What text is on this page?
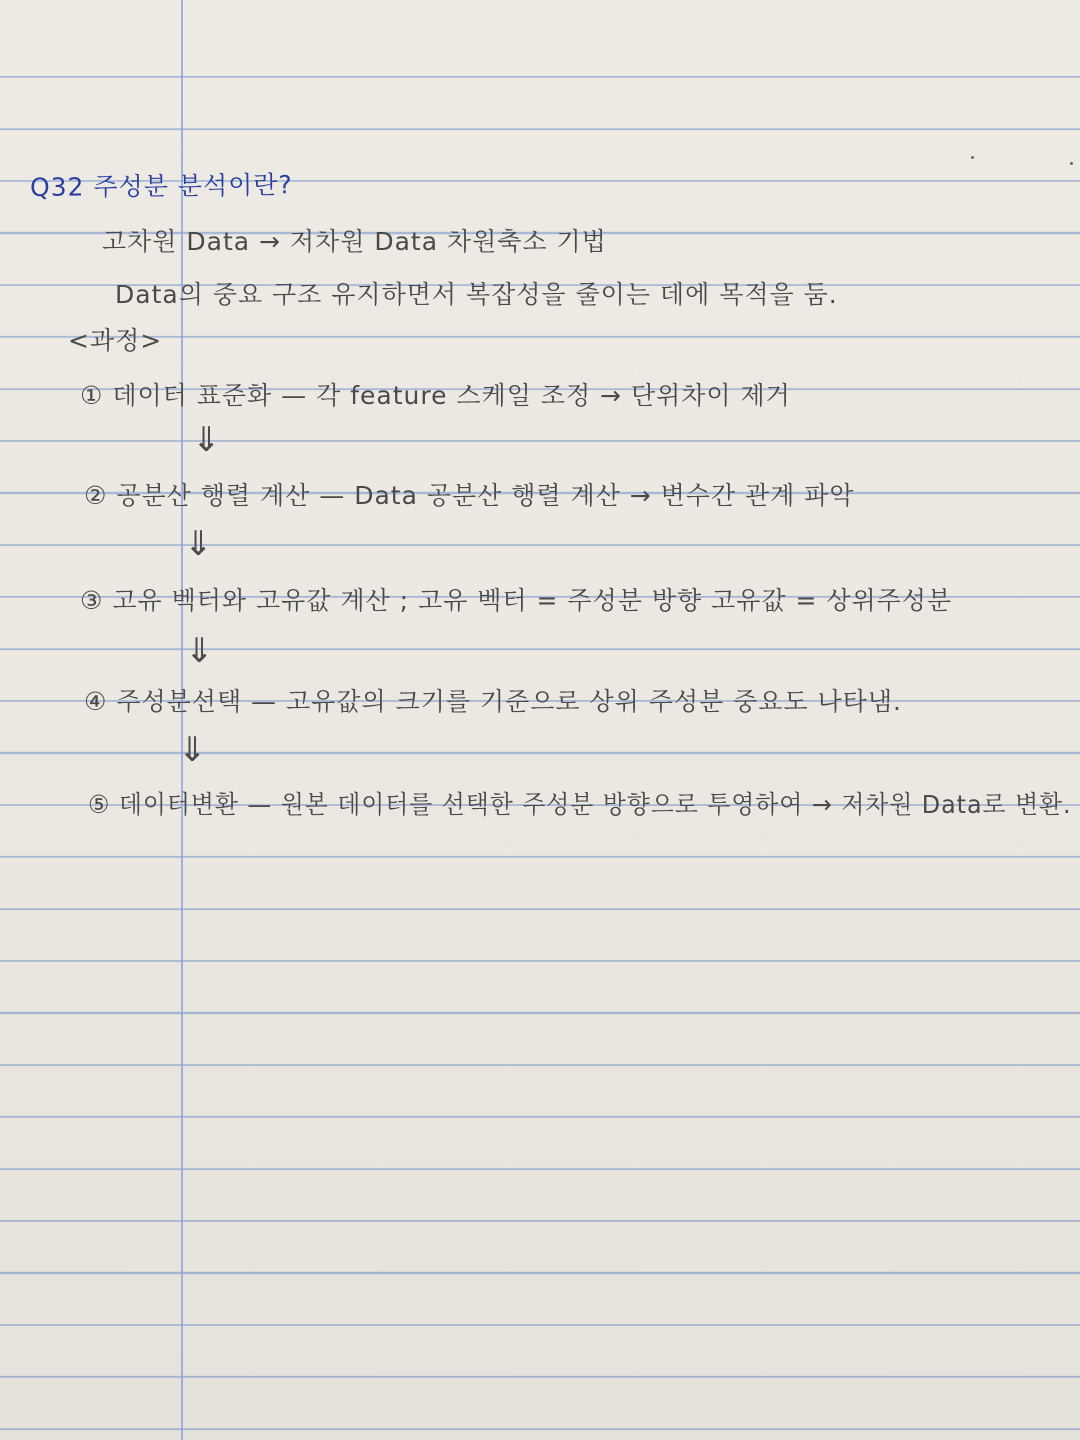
Q32 주성분 분석이란?
고차원 Data → 저차원 Data 차원축소 기법
Data의 중요 구조 유지하면서 복잡성을 줄이는 데에 목적을 둠.
<과정>
① 데이터 표준화 — 각 feature 스케일 조정 → 단위차이 제거
⇓
② 공분산 행렬 계산 — Data 공분산 행렬 계산 → 변수간 관계 파악
⇓
③ 고유 벡터와 고유값 계산 ; 고유 벡터 = 주성분 방향 고유값 = 상위주성분
⇓
④ 주성분선택 — 고유값의 크기를 기준으로 상위 주성분 중요도 나타냄.
⇓
⑤ 데이터변환 — 원본 데이터를 선택한 주성분 방향으로 투영하여 → 저차원 Data로 변환.
